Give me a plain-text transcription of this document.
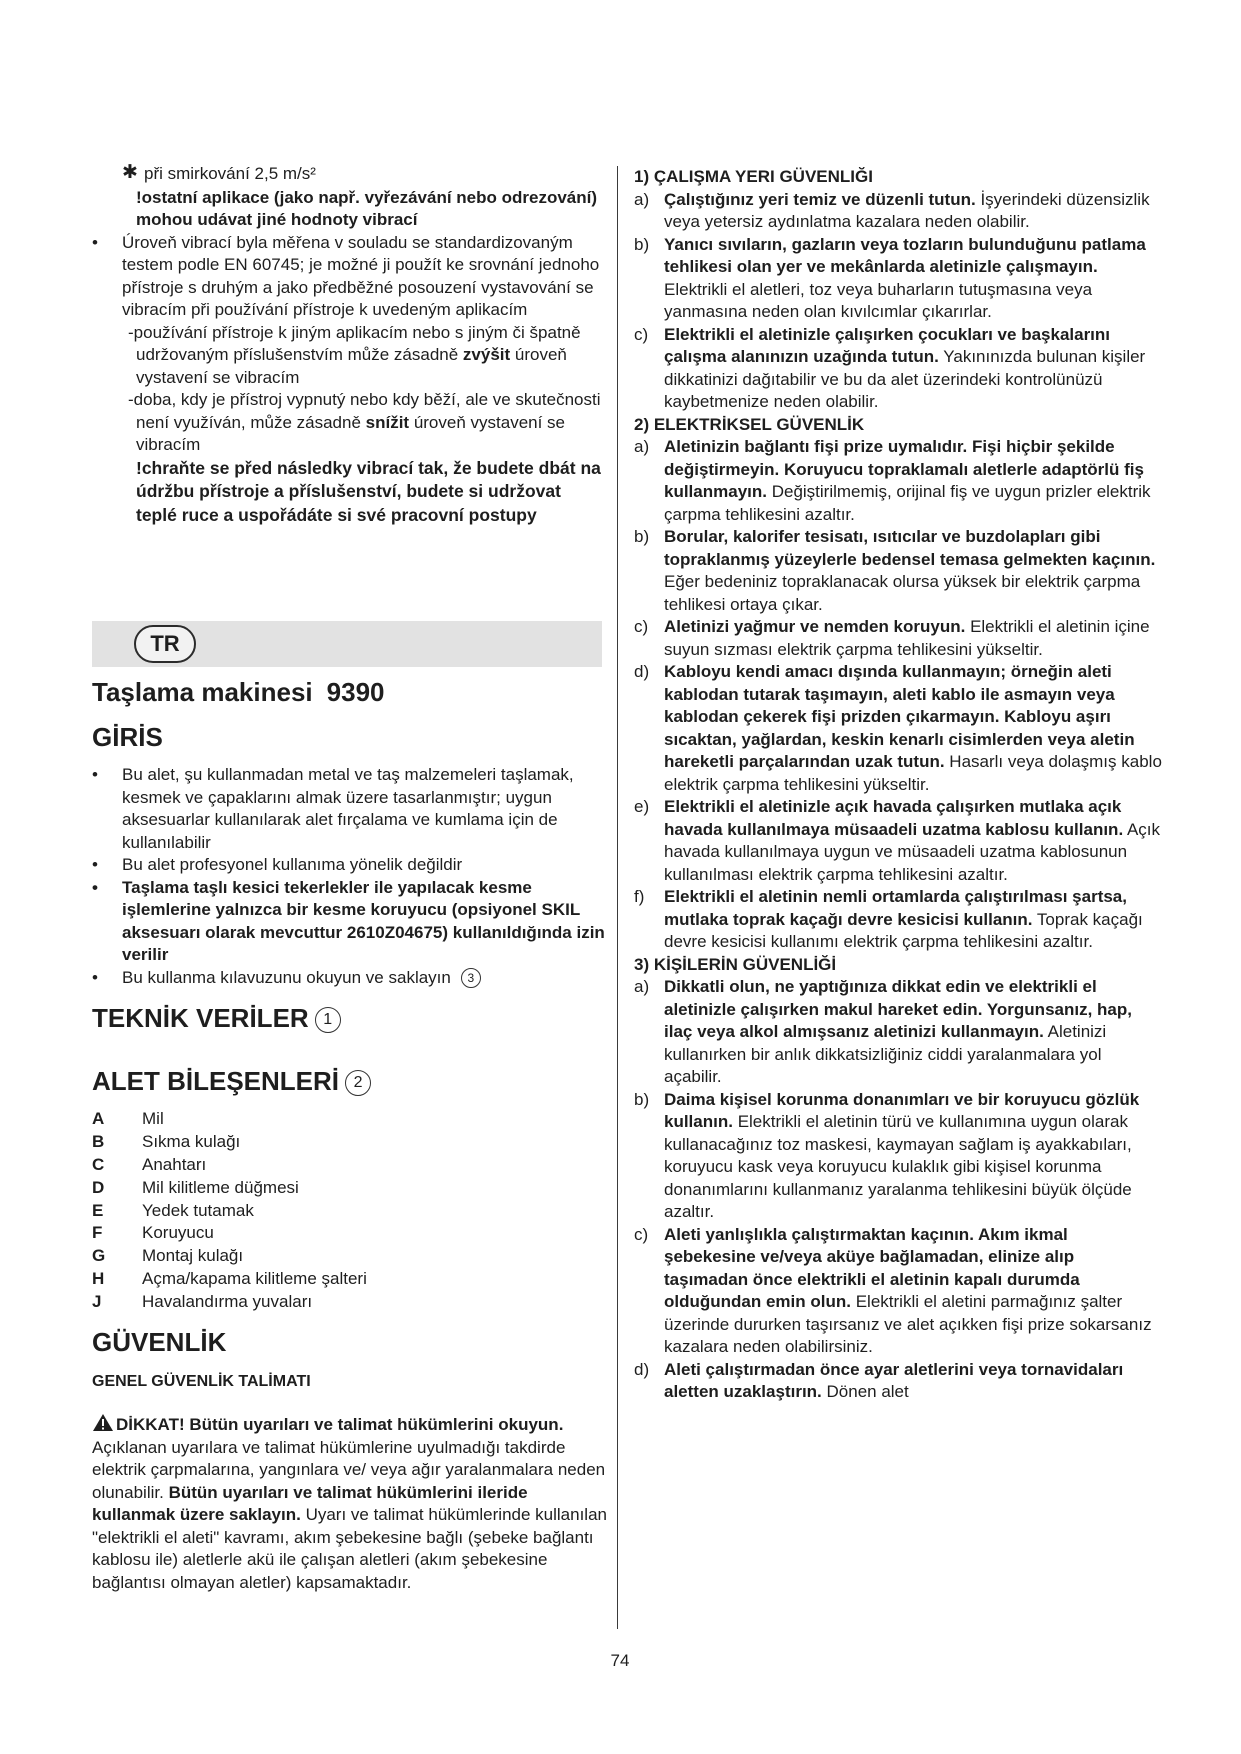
✱ při smirkování 2,5 m/s²

!ostatní aplikace (jako např. vyřezávání nebo odrezování) mohou udávat jiné hodnoty vibrací

• Úroveň vibrací byla měřena v souladu se standardizovaným testem podle EN 60745; je možné ji použít ke srovnání jednoho přístroje s druhým a jako předběžné posouzení vystavování se vibracím při používání přístroje k uvedeným aplikacím

-používání přístroje k jiným aplikacím nebo s jiným či špatně udržovaným příslušenstvím může zásadně zvýšit úroveň vystavení se vibracím

-doba, kdy je přístroj vypnutý nebo kdy běží, ale ve skutečnosti není využíván, může zásadně snížit úroveň vystavení se vibracím

!chraňte se před následky vibrací tak, že budete dbát na údržbu přístroje a příslušenství, budete si udržovat teplé ruce a uspořádáte si své pracovní postupy

TR
Taşlama makinesi 9390
GİRİS

• Bu alet, şu kullanmadan metal ve taş malzemeleri taşlamak, kesmek ve çapaklarını almak üzere tasarlanmıştır; uygun aksesuarlar kullanılarak alet fırçalama ve kumlama için de kullanılabilir

• Bu alet profesyonel kullanıma yönelik değildir

• Taşlama taşlı kesici tekerlekler ile yapılacak kesme işlemlerine yalnızca bir kesme koruyucu (opsiyonel SKIL aksesuarı olarak mevcuttur 2610Z04675) kullanıldığında izin verilir

• Bu kullanma kılavuzunu okuyun ve saklayın 3

TEKNİK VERİLER 1
ALET BİLEŞENLERİ 2
A Mil
B Sıkma kulağı
C Anahtarı
D Mil kilitleme düğmesi
E Yedek tutamak
F Koruyucu
G Montaj kulağı
H Açma/kapama kilitleme şalteri
J Havalandırma yuvaları
GÜVENLİK
GENEL GÜVENLİK TALİMATI
DİKKAT! Bütün uyarıları ve talimat hükümlerini okuyun. Açıklanan uyarılara ve talimat hükümlerine uyulmadığı takdirde elektrik çarpmalarına, yangınlara ve/ veya ağır yaralanmalara neden olunabilir. Bütün uyarıları ve talimat hükümlerini ileride kullanmak üzere saklayın. Uyarı ve talimat hükümlerinde kullanılan "elektrikli el aleti" kavramı, akım şebekesine bağlı (şebeke bağlantı kablosu ile) aletlerle akü ile çalışan aletleri (akım şebekesine bağlantısı olmayan aletler) kapsamaktadır.

1) ÇALIŞMA YERI GÜVENLIĞI

a) Çalıştığınız yeri temiz ve düzenli tutun. İşyerindeki düzensizlik veya yetersiz aydınlatma kazalara neden olabilir.
b) Yanıcı sıvıların, gazların veya tozların bulunduğunu patlama tehlikesi olan yer ve mekânlarda aletinizle çalışmayın. Elektrikli el aletleri, toz veya buharların tutuşmasına veya yanmasına neden olan kıvılcımlar çıkarırlar.
c) Elektrikli el aletinizle çalışırken çocukları ve başkalarını çalışma alanınızın uzağında tutun. Yakınınızda bulunan kişiler dikkatinizi dağıtabilir ve bu da alet üzerindeki kontrolünüzü kaybetmenize neden olabilir.

2) ELEKTRİKSEL GÜVENLİK

a) Aletinizin bağlantı fişi prize uymalıdır. Fişi hiçbir şekilde değiştirmeyin. Koruyucu topraklamalı aletlerle adaptörlü fiş kullanmayın. Değiştirilmemiş, orijinal fiş ve uygun prizler elektrik çarpma tehlikesini azaltır.
b) Borular, kalorifer tesisatı, ısıtıcılar ve buzdolapları gibi topraklanmış yüzeylerle bedensel temasa gelmekten kaçının. Eğer bedeniniz topraklanacak olursa yüksek bir elektrik çarpma tehlikesi ortaya çıkar.
c) Aletinizi yağmur ve nemden koruyun. Elektrikli el aletinin içine suyun sızması elektrik çarpma tehlikesini yükseltir.
d) Kabloyu kendi amacı dışında kullanmayın; örneğin aleti kablodan tutarak taşımayın, aleti kablo ile asmayın veya kablodan çekerek fişi prizden çıkarmayın. Kabloyu aşırı sıcaktan, yağlardan, keskin kenarlı cisimlerden veya aletin hareketli parçalarından uzak tutun. Hasarlı veya dolaşmış kablo elektrik çarpma tehlikesini yükseltir.
e) Elektrikli el aletinizle açık havada çalışırken mutlaka açık havada kullanılmaya müsaadeli uzatma kablosu kullanın. Açık havada kullanılmaya uygun ve müsaadeli uzatma kablosunun kullanılması elektrik çarpma tehlikesini azaltır.
f) Elektrikli el aletinin nemli ortamlarda çalıştırılması şartsa, mutlaka toprak kaçağı devre kesicisi kullanın. Toprak kaçağı devre kesicisi kullanımı elektrik çarpma tehlikesini azaltır.

3) KİŞİLERİN GÜVENLİĞİ

a) Dikkatli olun, ne yaptığınıza dikkat edin ve elektrikli el aletinizle çalışırken makul hareket edin. Yorgunsanız, hap, ilaç veya alkol almışsanız aletinizi kullanmayın. Aletinizi kullanırken bir anlık dikkatsizliğiniz ciddi yaralanmalara yol açabilir.
b) Daima kişisel korunma donanımları ve bir koruyucu gözlük kullanın. Elektrikli el aletinin türü ve kullanımına uygun olarak kullanacağınız toz maskesi, kaymayan sağlam iş ayakkabıları, koruyucu kask veya koruyucu kulaklık gibi kişisel korunma donanımlarını kullanmanız yaralanma tehlikesini büyük ölçüde azaltır.
c) Aleti yanlışlıkla çalıştırmaktan kaçının. Akım ikmal şebekesine ve/veya aküye bağlamadan, elinize alıp taşımadan önce elektrikli el aletinin kapalı durumda olduğundan emin olun. Elektrikli el aletini parmağınız şalter üzerinde dururken taşırsanız ve alet açıkken fişi prize sokarsanız kazalara neden olabilirsiniz.
d) Aleti çalıştırmadan önce ayar aletlerini veya tornavidaları aletten uzaklaştırın. Dönen alet
74
